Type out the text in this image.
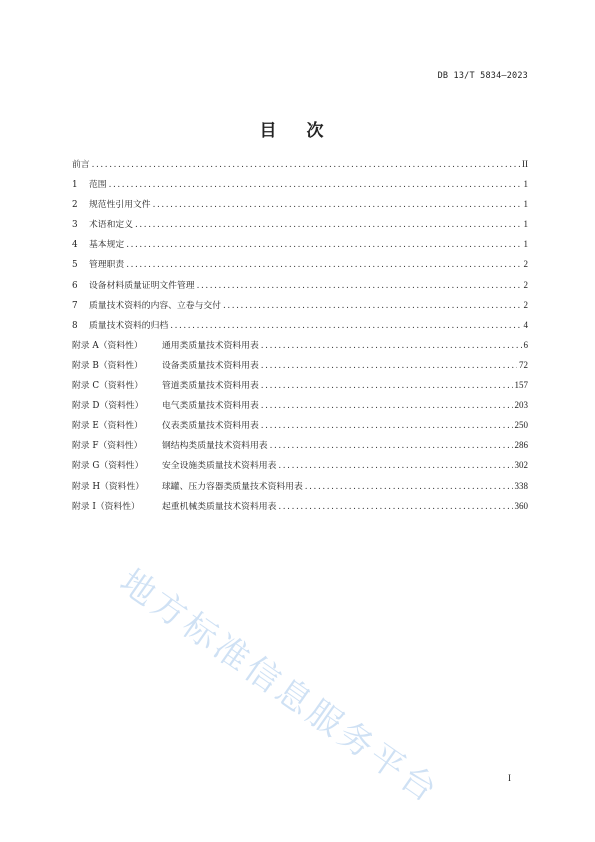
DB 13/T 5834—2023
目 次
前言 .....	II
1	范围 .....	1
2	规范性引用文件 .....	1
3	术语和定义 .....	1
4	基本规定 .....	1
5	管理职责 .....	2
6	设备材料质量证明文件管理 .....	2
7	质量技术资料的内容、立卷与交付 .....	2
8	质量技术资料的归档 .....	4
附录 A（资料性）	通用类质量技术资料用表 .....	6
附录 B（资料性）	设备类质量技术资料用表 .....	72
附录 C（资料性）	管道类质量技术资料用表 .....	157
附录 D（资料性）	电气类质量技术资料用表 .....	203
附录 E（资料性）	仪表类质量技术资料用表 .....	250
附录 F（资料性）	钢结构类质量技术资料用表 .....	286
附录 G（资料性）	安全设施类质量技术资料用表 .....	302
附录 H（资料性）	球罐、压力容器类质量技术资料用表 .....	338
附录 I（资料性）	起重机械类质量技术资料用表 .....	360
地方标准信息服务平台	I
